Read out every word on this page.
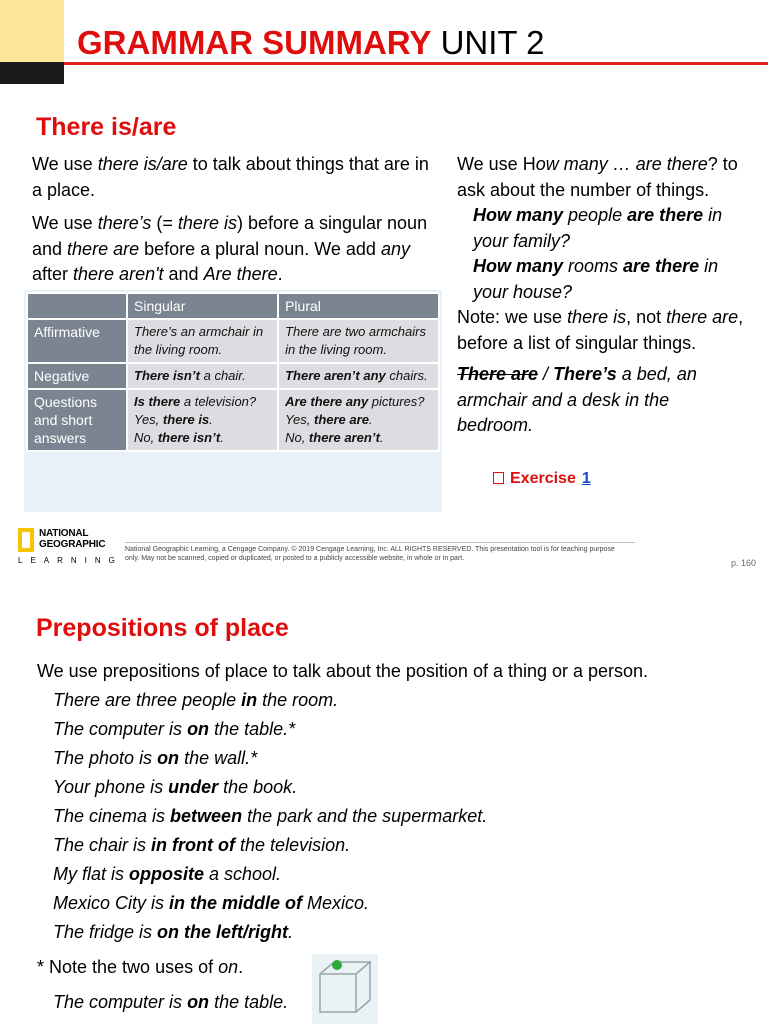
GRAMMAR SUMMARY UNIT 2
There is/are

We use there is/are to talk about things that are in a place.

We use there’s (= there is) before a singular noun and there are before a plural noun. We add any after there aren't and Are there.

	Singular	Plural
Affirmative	There’s an armchair in the living room.	There are two armchairs in the living room.
Negative	There isn’t a chair.	There aren’t any chairs.
Questions and short answers	Is there a television?
Yes, there is.
No, there isn’t.	Are there any pictures?
Yes, there are.
No, there aren’t.

We use How many … are there? to ask about the number of things.

How many people are there in your family?

How many rooms are there in your house?

Note: we use there is, not there are, before a list of singular things.

There are / There’s a bed, an armchair and a desk in the bedroom.

Exercise 1
NATIONAL
GEOGRAPHIC
LEARNING
National Geographic Learning, a Cengage Company. © 2019 Cengage Learning, Inc. ALL RIGHTS RESERVED. This presentation tool is for teaching purpose only. May not be scanned, copied or duplicated, or posted to a publicly accessible website, in whole or in part.	p. 160
Prepositions of place

We use prepositions of place to talk about the position of a thing or a person.

There are three people in the room.

The computer is on the table.*

The photo is on the wall.*

Your phone is under the book.

The cinema is between the park and the supermarket.

The chair is in front of the television.

My flat is opposite a school.

Mexico City is in the middle of Mexico.

The fridge is on the left/right.

* Note the two uses of on.

The computer is on the table.
